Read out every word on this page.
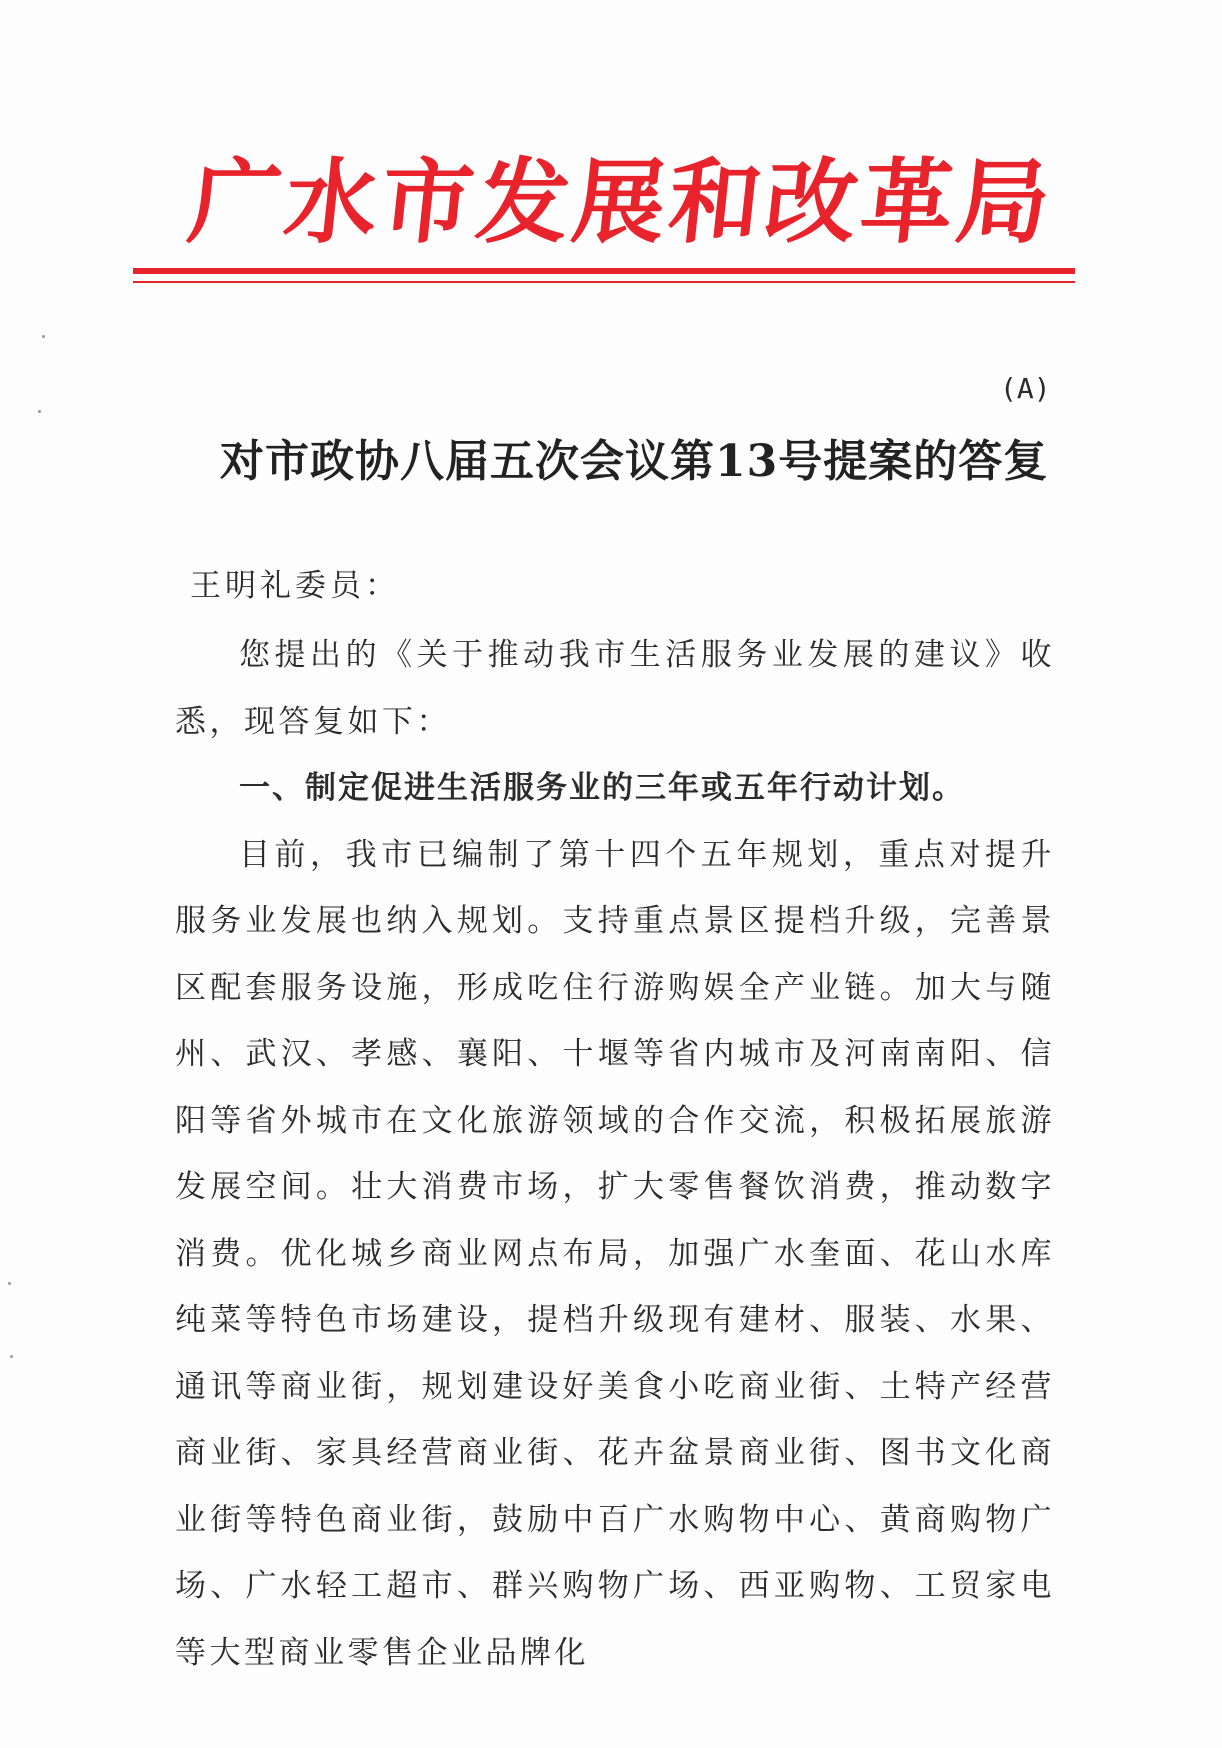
广
水
市
发
展
和
改
革
局
(A)
对市政协八届五次会议第13号提案的答复
王明礼委员：

您提出的《关于推动我市生活服务业发展的建议》收悉，现答复如下：

一、制定促进生活服务业的三年或五年行动计划。

目前，我市已编制了第十四个五年规划，重点对提升服务业发展也纳入规划。支持重点景区提档升级，完善景区配套服务设施，形成吃住行游购娱全产业链。加大与随州、武汉、孝感、襄阳、十堰等省内城市及河南南阳、信阳等省外城市在文化旅游领域的合作交流，积极拓展旅游发展空间。壮大消费市场，扩大零售餐饮消费，推动数字消费。优化城乡商业网点布局，加强广水奎面、花山水库纯菜等特色市场建设，提档升级现有建材、服装、水果、通讯等商业街，规划建设好美食小吃商业街、土特产经营商业街、家具经营商业街、花卉盆景商业街、图书文化商业街等特色商业街，鼓励中百广水购物中心、黄商购物广场、广水轻工超市、群兴购物广场、西亚购物、工贸家电等大型商业零售企业品牌化
